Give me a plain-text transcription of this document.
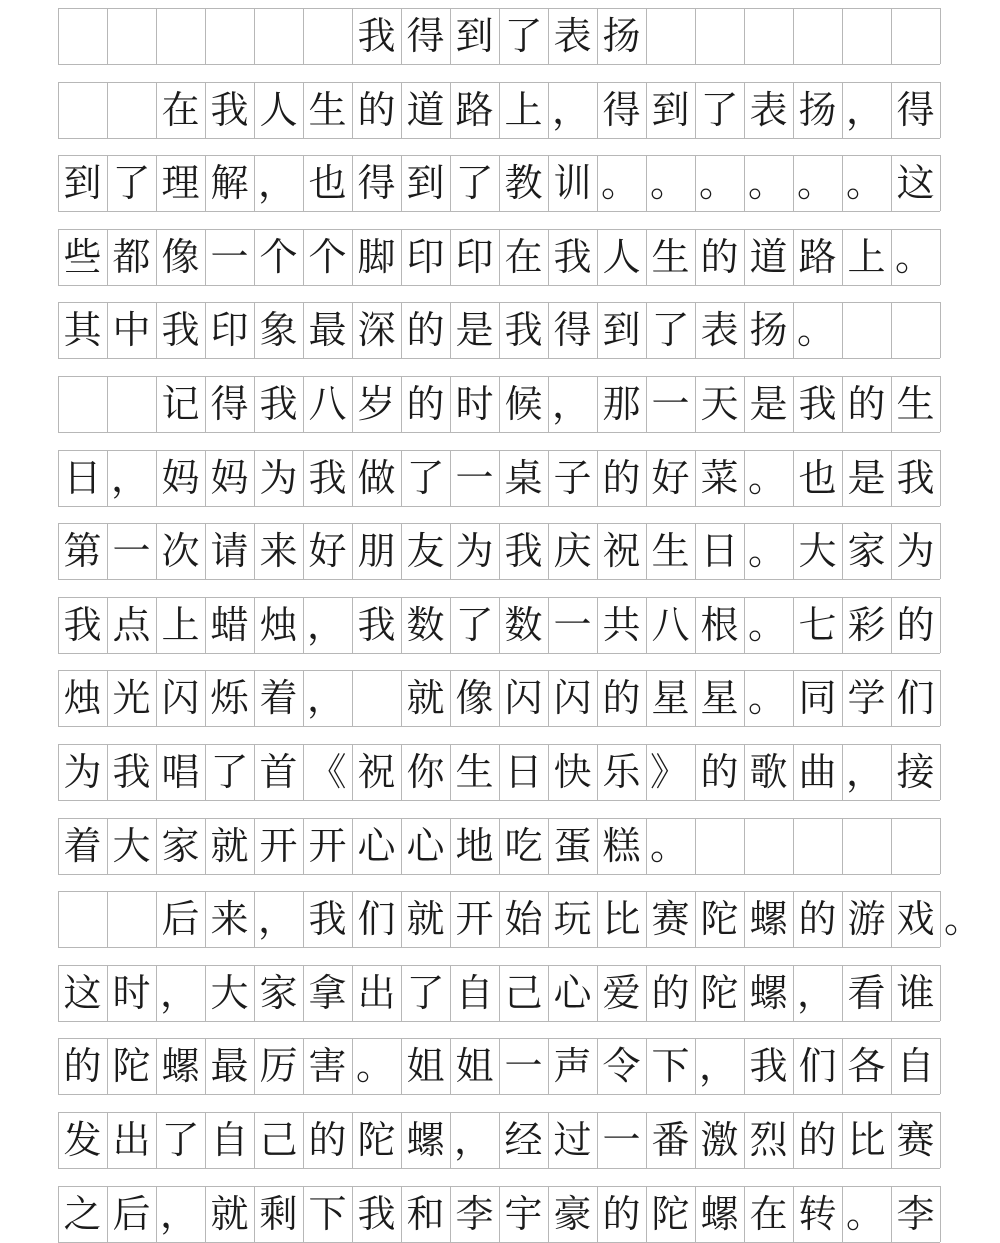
我 得 到 了 表 扬
在 我 人 生 的 道 路 上 ， 得 到 了 表 扬 ， 得
到 了 理 解 ， 也 得 到 了 教 训 。 。 。 。 。 。 这
些 都 像 一 个 个 脚 印 印 在 我 人 生 的 道 路 上 。
其 中 我 印 象 最 深 的 是 我 得 到 了 表 扬 。
记 得 我 八 岁 的 时 候 ， 那 一 天 是 我 的 生
日 ， 妈 妈 为 我 做 了 一 桌 子 的 好 菜 。 也 是 我
第 一 次 请 来 好 朋 友 为 我 庆 祝 生 日 。 大 家 为
我 点 上 蜡 烛 ， 我 数 了 数 一 共 八 根 。 七 彩 的
烛 光 闪 烁 着 ， 就 像 闪 闪 的 星 星 。 同 学 们
为 我 唱 了 首 《 祝 你 生 日 快 乐 》 的 歌 曲 ， 接
着 大 家 就 开 开 心 心 地 吃 蛋 糕 。
后 来 ， 我 们 就 开 始 玩 比 赛 陀 螺 的 游 戏 。
这 时 ， 大 家 拿 出 了 自 己 心 爱 的 陀 螺 ， 看 谁
的 陀 螺 最 厉 害 。 姐 姐 一 声 令 下 ， 我 们 各 自
发 出 了 自 己 的 陀 螺 ， 经 过 一 番 激 烈 的 比 赛
之 后 ， 就 剩 下 我 和 李 宇 豪 的 陀 螺 在 转 。 李
